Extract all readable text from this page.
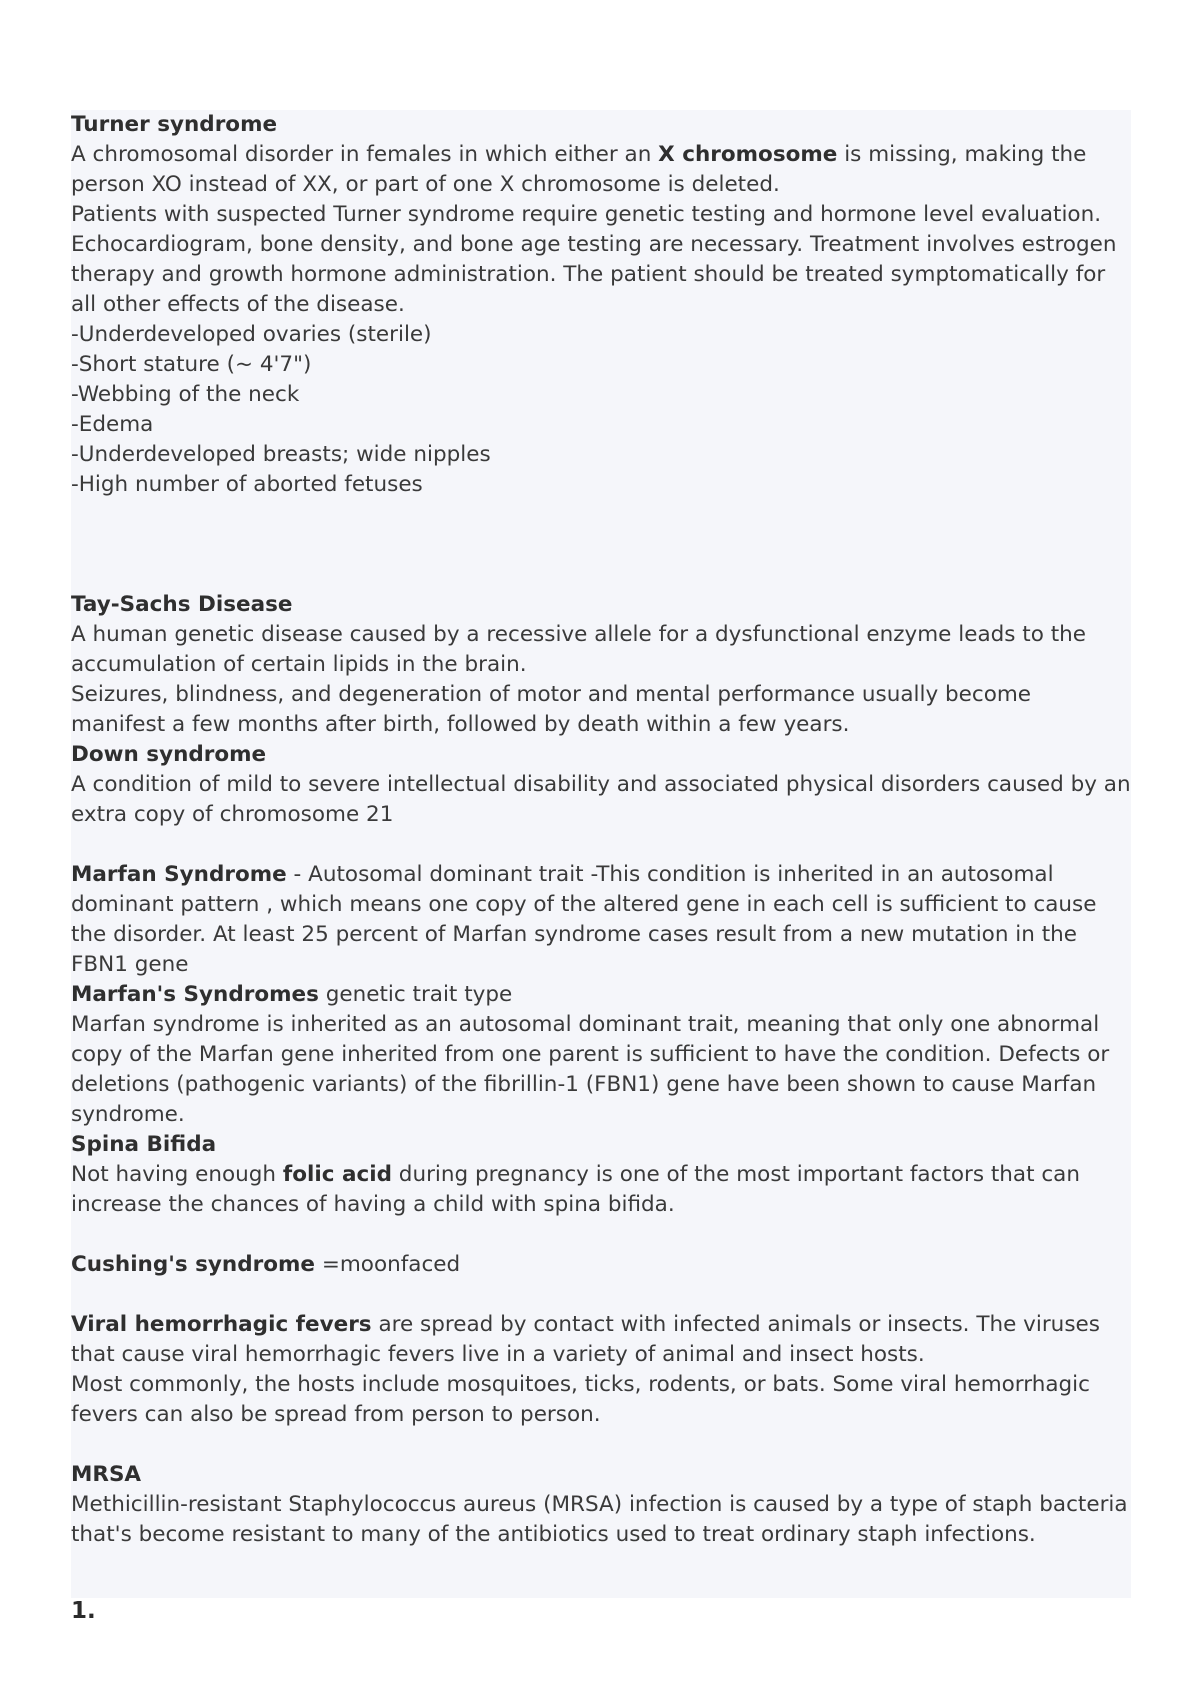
Turner syndrome
A chromosomal disorder in females in which either an X chromosome is missing, making the person XO instead of XX, or part of one X chromosome is deleted.
Patients with suspected Turner syndrome require genetic testing and hormone level evaluation. Echocardiogram, bone density, and bone age testing are necessary. Treatment involves estrogen therapy and growth hormone administration. The patient should be treated symptomatically for all other effects of the disease.
-Underdeveloped ovaries (sterile)
-Short stature (~ 4'7")
-Webbing of the neck
-Edema
-Underdeveloped breasts; wide nipples
-High number of aborted fetuses
Tay-Sachs Disease
A human genetic disease caused by a recessive allele for a dysfunctional enzyme leads to the accumulation of certain lipids in the brain.
Seizures, blindness, and degeneration of motor and mental performance usually become manifest a few months after birth, followed by death within a few years.
Down syndrome
A condition of mild to severe intellectual disability and associated physical disorders caused by an extra copy of chromosome 21
Marfan Syndrome - Autosomal dominant trait -This condition is inherited in an autosomal dominant pattern , which means one copy of the altered gene in each cell is sufficient to cause the disorder. At least 25 percent of Marfan syndrome cases result from a new mutation in the FBN1 gene
Marfan's Syndromes genetic trait type
Marfan syndrome is inherited as an autosomal dominant trait, meaning that only one abnormal copy of the Marfan gene inherited from one parent is sufficient to have the condition. Defects or deletions (pathogenic variants) of the fibrillin-1 (FBN1) gene have been shown to cause Marfan syndrome.
Spina Bifida
Not having enough folic acid during pregnancy is one of the most important factors that can increase the chances of having a child with spina bifida.
Cushing's syndrome =moonfaced
Viral hemorrhagic fevers are spread by contact with infected animals or insects. The viruses that cause viral hemorrhagic fevers live in a variety of animal and insect hosts.
Most commonly, the hosts include mosquitoes, ticks, rodents, or bats. Some viral hemorrhagic fevers can also be spread from person to person.
MRSA
Methicillin-resistant Staphylococcus aureus (MRSA) infection is caused by a type of staph bacteria that's become resistant to many of the antibiotics used to treat ordinary staph infections.
1.
